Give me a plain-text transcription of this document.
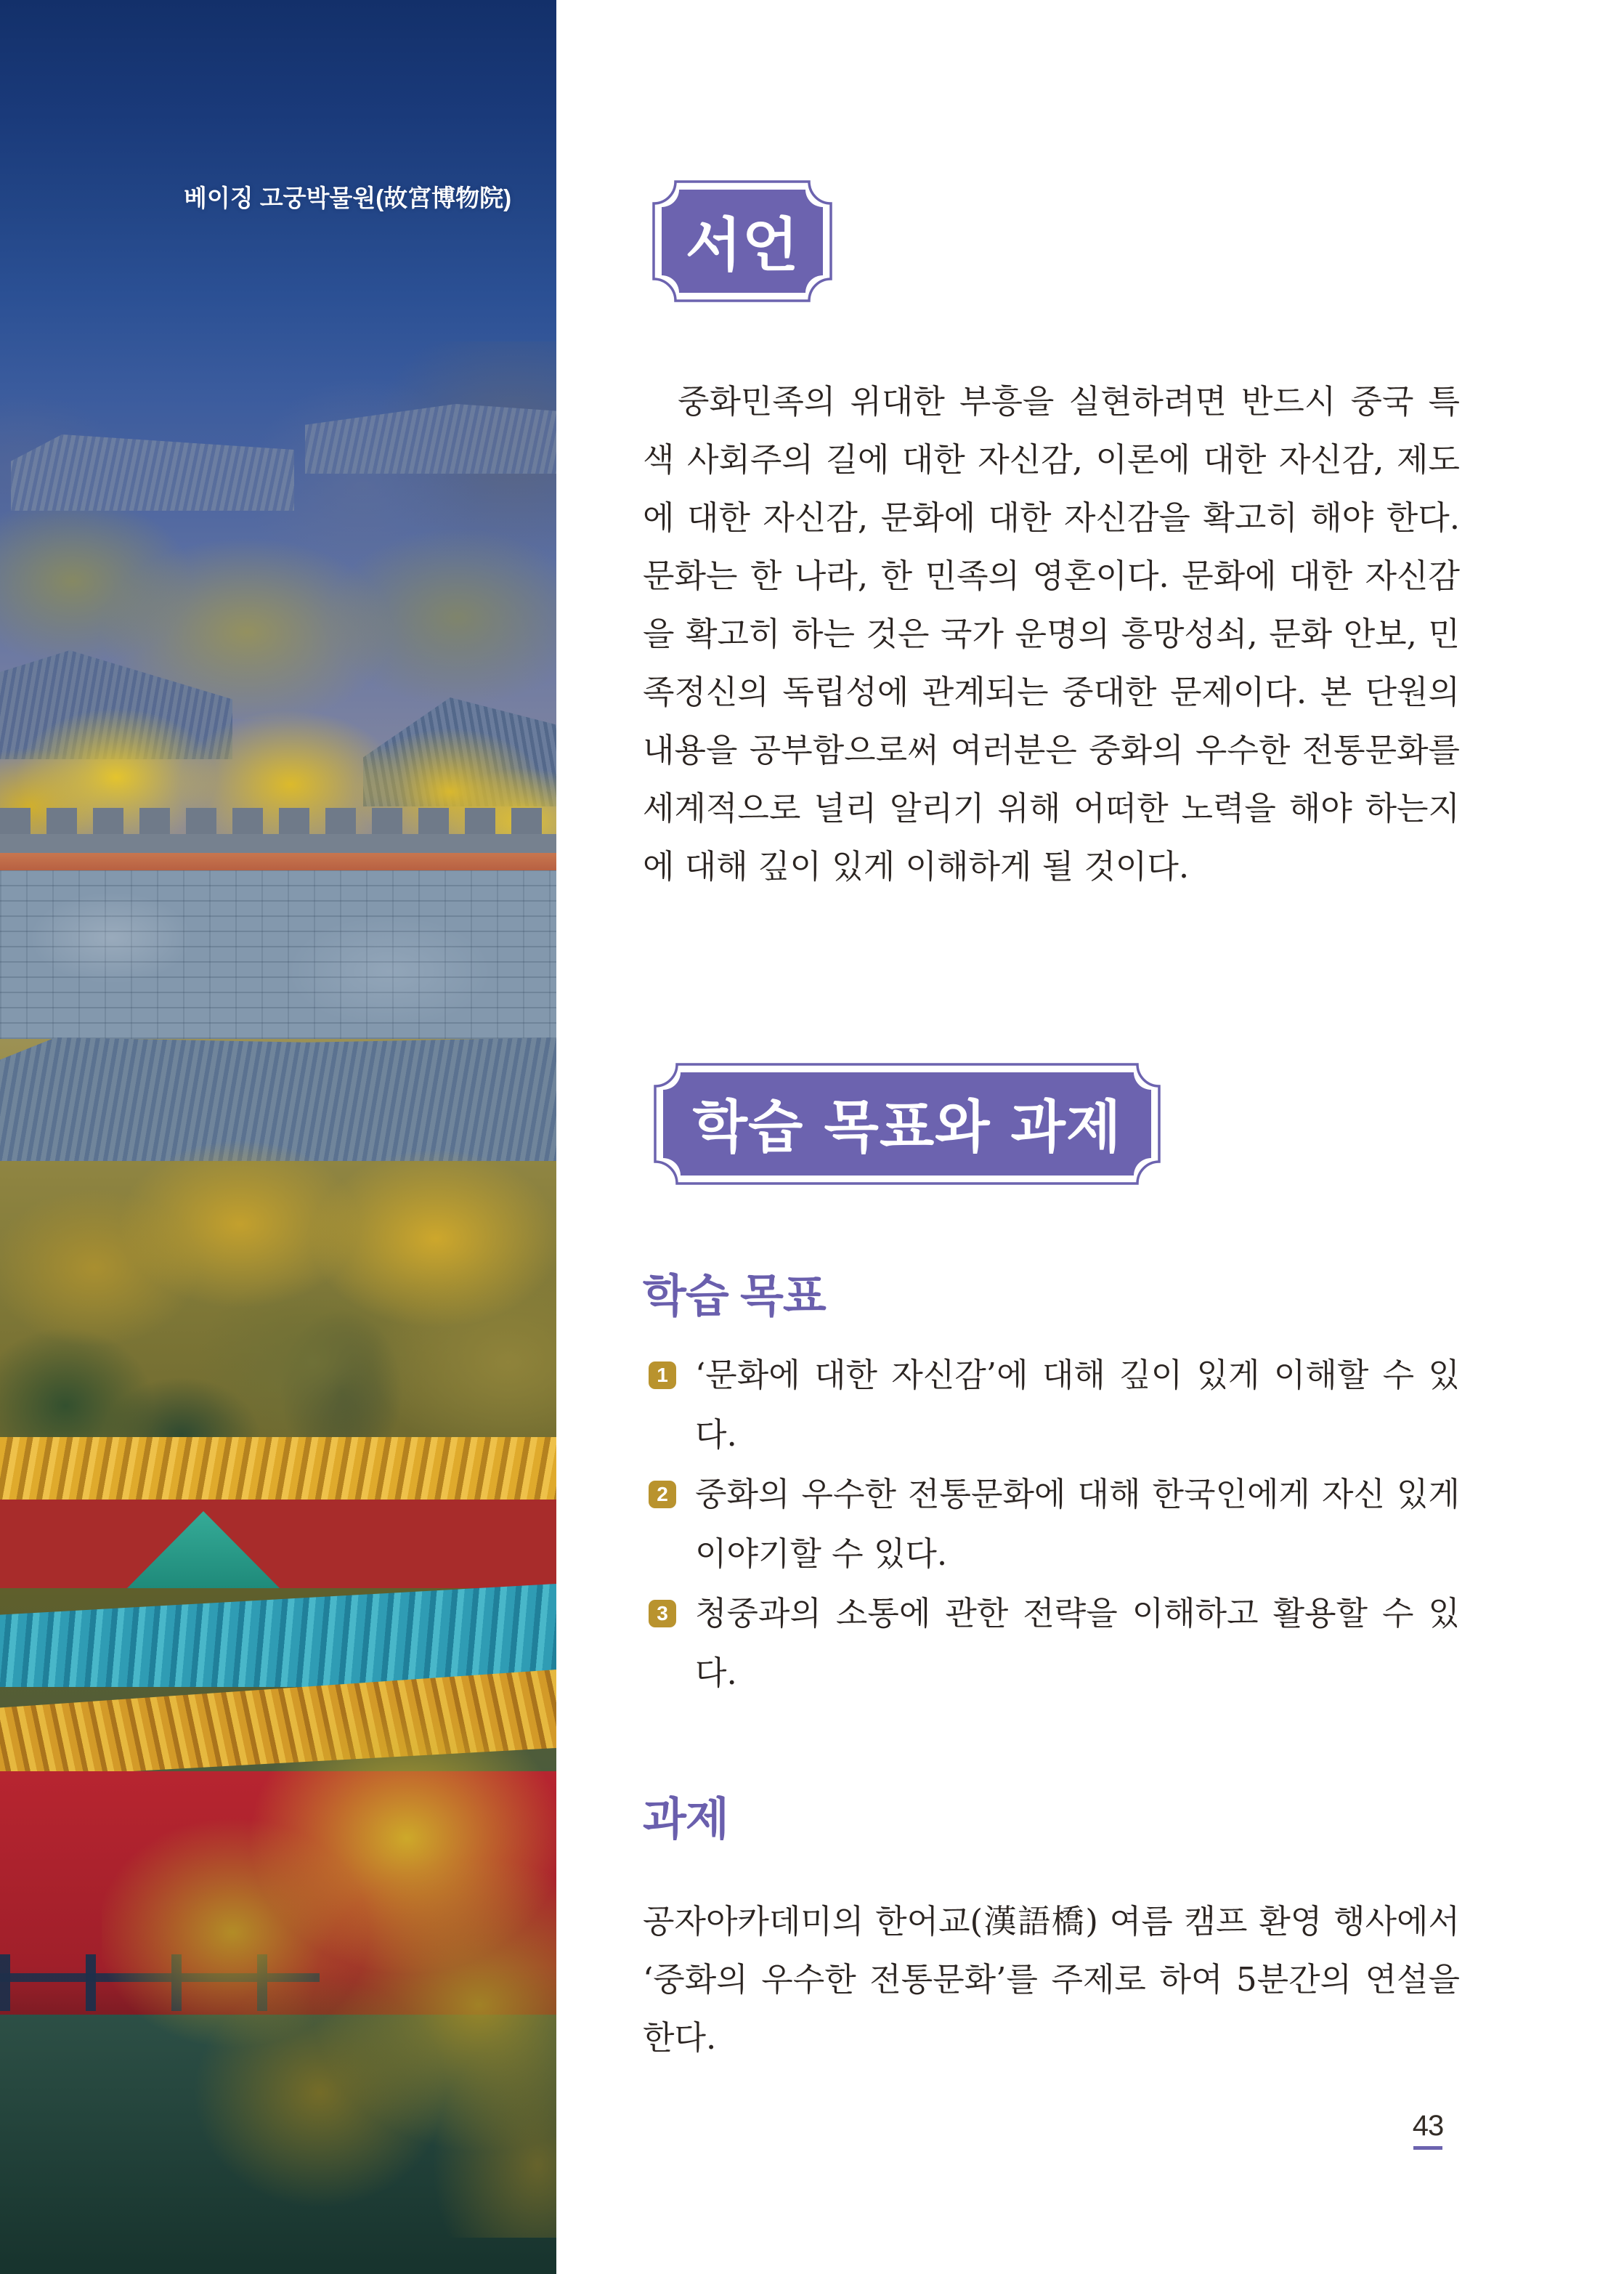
베이징 고궁박물원(故宮博物院)
서언

중화민족의 위대한 부흥을 실현하려면 반드시 중국 특색 사회주의 길에 대한 자신감, 이론에 대한 자신감, 제도에 대한 자신감, 문화에 대한 자신감을 확고히 해야 한다. 문화는 한 나라, 한 민족의 영혼이다. 문화에 대한 자신감을 확고히 하는 것은 국가 운명의 흥망성쇠, 문화 안보, 민족정신의 독립성에 관계되는 중대한 문제이다. 본 단원의 내용을 공부함으로써 여러분은 중화의 우수한 전통문화를 세계적으로 널리 알리기 위해 어떠한 노력을 해야 하는지에 대해 깊이 있게 이해하게 될 것이다.

학습 목표와 과제
학습 목표
1 ‘문화에 대한 자신감’에 대해 깊이 있게 이해할 수 있다.
2 중화의 우수한 전통문화에 대해 한국인에게 자신 있게 이야기할 수 있다.
3 청중과의 소통에 관한 전략을 이해하고 활용할 수 있다.
과제

공자아카데미의 한어교(漢語橋) 여름 캠프 환영 행사에서 ‘중화의 우수한 전통문화’를 주제로 하여 5분간의 연설을 한다.

43
